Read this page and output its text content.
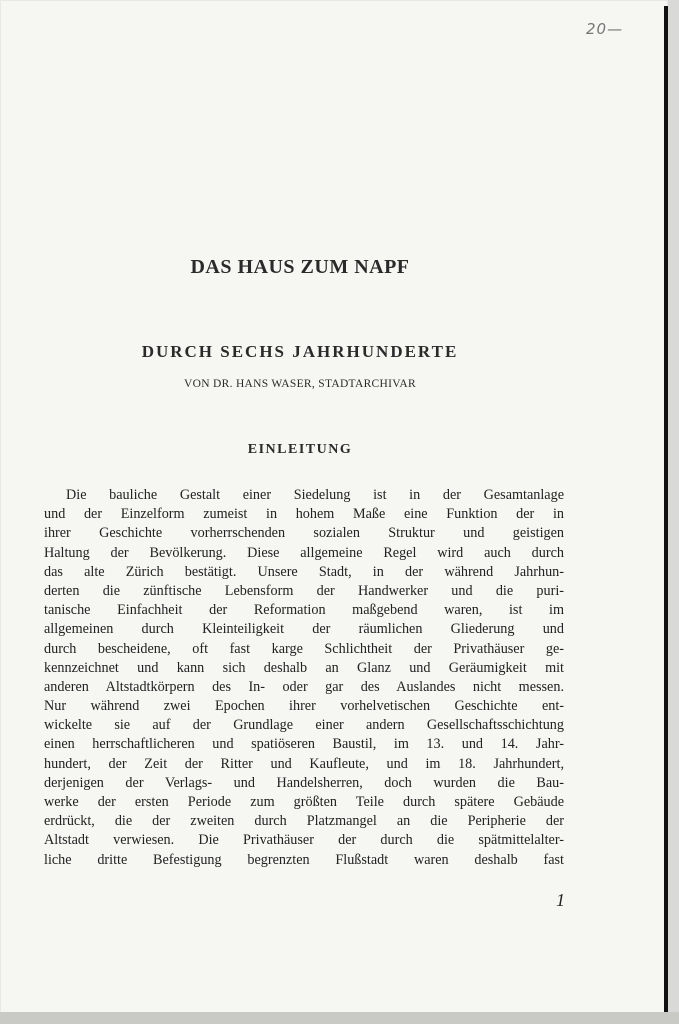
20—
DAS HAUS ZUM NAPF
DURCH SECHS JAHRHUNDERTE

VON DR. HANS WASER, STADTARCHIVAR

EINLEITUNG
Die bauliche Gestalt einer Siedelung ist in der Gesamtanlage
und der Einzelform zumeist in hohem Maße eine Funktion der in
ihrer Geschichte vorherrschenden sozialen Struktur und geistigen
Haltung der Bevölkerung. Diese allgemeine Regel wird auch durch
das alte Zürich bestätigt. Unsere Stadt, in der während Jahrhun-
derten die zünftische Lebensform der Handwerker und die puri-
tanische Einfachheit der Reformation maßgebend waren, ist im
allgemeinen durch Kleinteiligkeit der räumlichen Gliederung und
durch bescheidene, oft fast karge Schlichtheit der Privathäuser ge-
kennzeichnet und kann sich deshalb an Glanz und Geräumigkeit mit
anderen Altstadtkörpern des In- oder gar des Auslandes nicht messen.
Nur während zwei Epochen ihrer vorhelvetischen Geschichte ent-
wickelte sie auf der Grundlage einer andern Gesellschaftsschichtung
einen herrschaftlicheren und spatiöseren Baustil, im 13. und 14. Jahr-
hundert, der Zeit der Ritter und Kaufleute, und im 18. Jahrhundert,
derjenigen der Verlags- und Handelsherren, doch wurden die Bau-
werke der ersten Periode zum größten Teile durch spätere Gebäude
erdrückt, die der zweiten durch Platzmangel an die Peripherie der
Altstadt verwiesen. Die Privathäuser der durch die spätmittelalter-
liche dritte Befestigung begrenzten Flußstadt waren deshalb fast
1
